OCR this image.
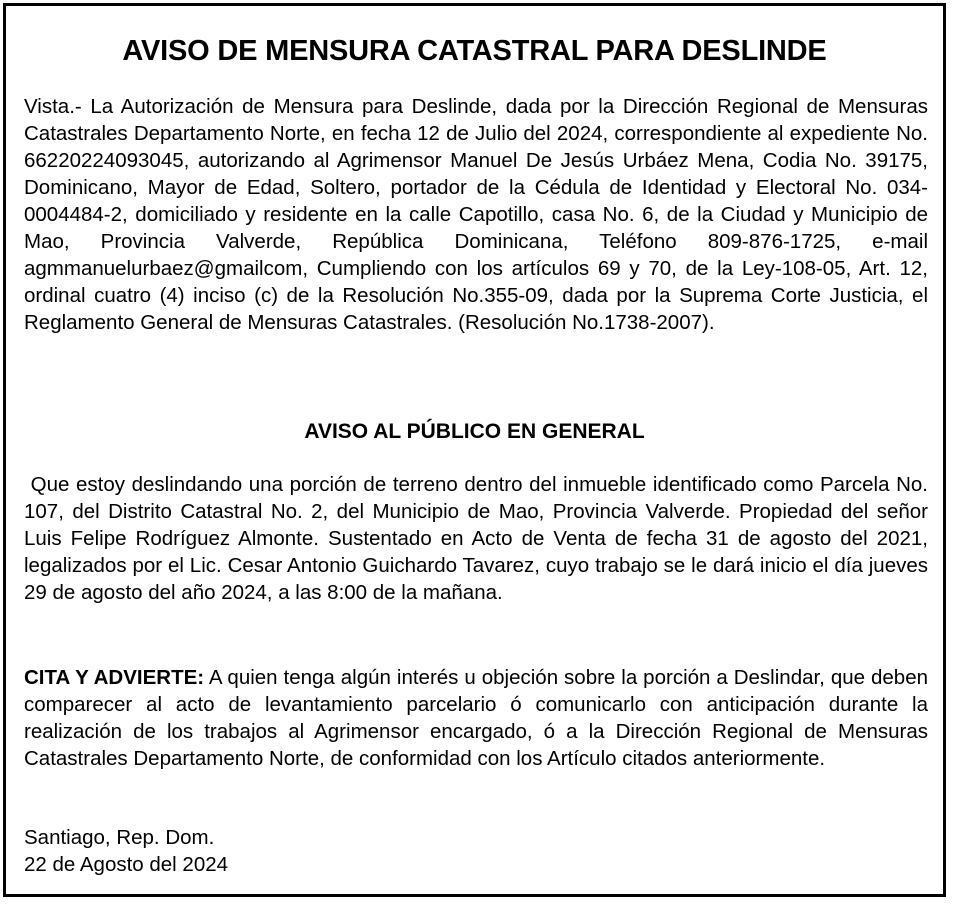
AVISO DE MENSURA CATASTRAL PARA DESLINDE

Vista.- La Autorización de Mensura para Deslinde, dada por la Dirección Regional de Mensuras Catastrales Departamento Norte, en fecha 12 de Julio del 2024, correspondiente al expediente No. 66220224093045, autorizando al Agrimensor Manuel De Jesús Urbáez Mena, Codia No. 39175, Dominicano, Mayor de Edad, Soltero, portador de la Cédula de Identidad y Electoral No. 034-0004484-2, domiciliado y residente en la calle Capotillo, casa No. 6, de la Ciudad y Municipio de Mao, Provincia Valverde, República Dominicana, Teléfono 809-876-1725, e-mail agmmanuelurbaez@gmailcom, Cumpliendo con los artículos 69 y 70, de la Ley-108-05, Art. 12, ordinal cuatro (4) inciso (c) de la Resolución No.355-09, dada por la Suprema Corte Justicia, el Reglamento General de Mensuras Catastrales. (Resolución No.1738-2007).

AVISO AL PÚBLICO EN GENERAL

Que estoy deslindando una porción de terreno dentro del inmueble identificado como Parcela No. 107, del Distrito Catastral No. 2, del Municipio de Mao, Provincia Valverde. Propiedad del señor Luis Felipe Rodríguez Almonte. Sustentado en Acto de Venta de fecha 31 de agosto del 2021, legalizados por el Lic. Cesar Antonio Guichardo Tavarez, cuyo trabajo se le dará inicio el día jueves 29 de agosto del año 2024, a las 8:00 de la mañana.

CITA Y ADVIERTE: A quien tenga algún interés u objeción sobre la porción a Deslindar, que deben comparecer al acto de levantamiento parcelario ó comunicarlo con anticipación durante la realización de los trabajos al Agrimensor encargado, ó a la Dirección Regional de Mensuras Catastrales Departamento Norte, de conformidad con los Artículo citados anteriormente.

Santiago, Rep. Dom.
22 de Agosto del 2024
